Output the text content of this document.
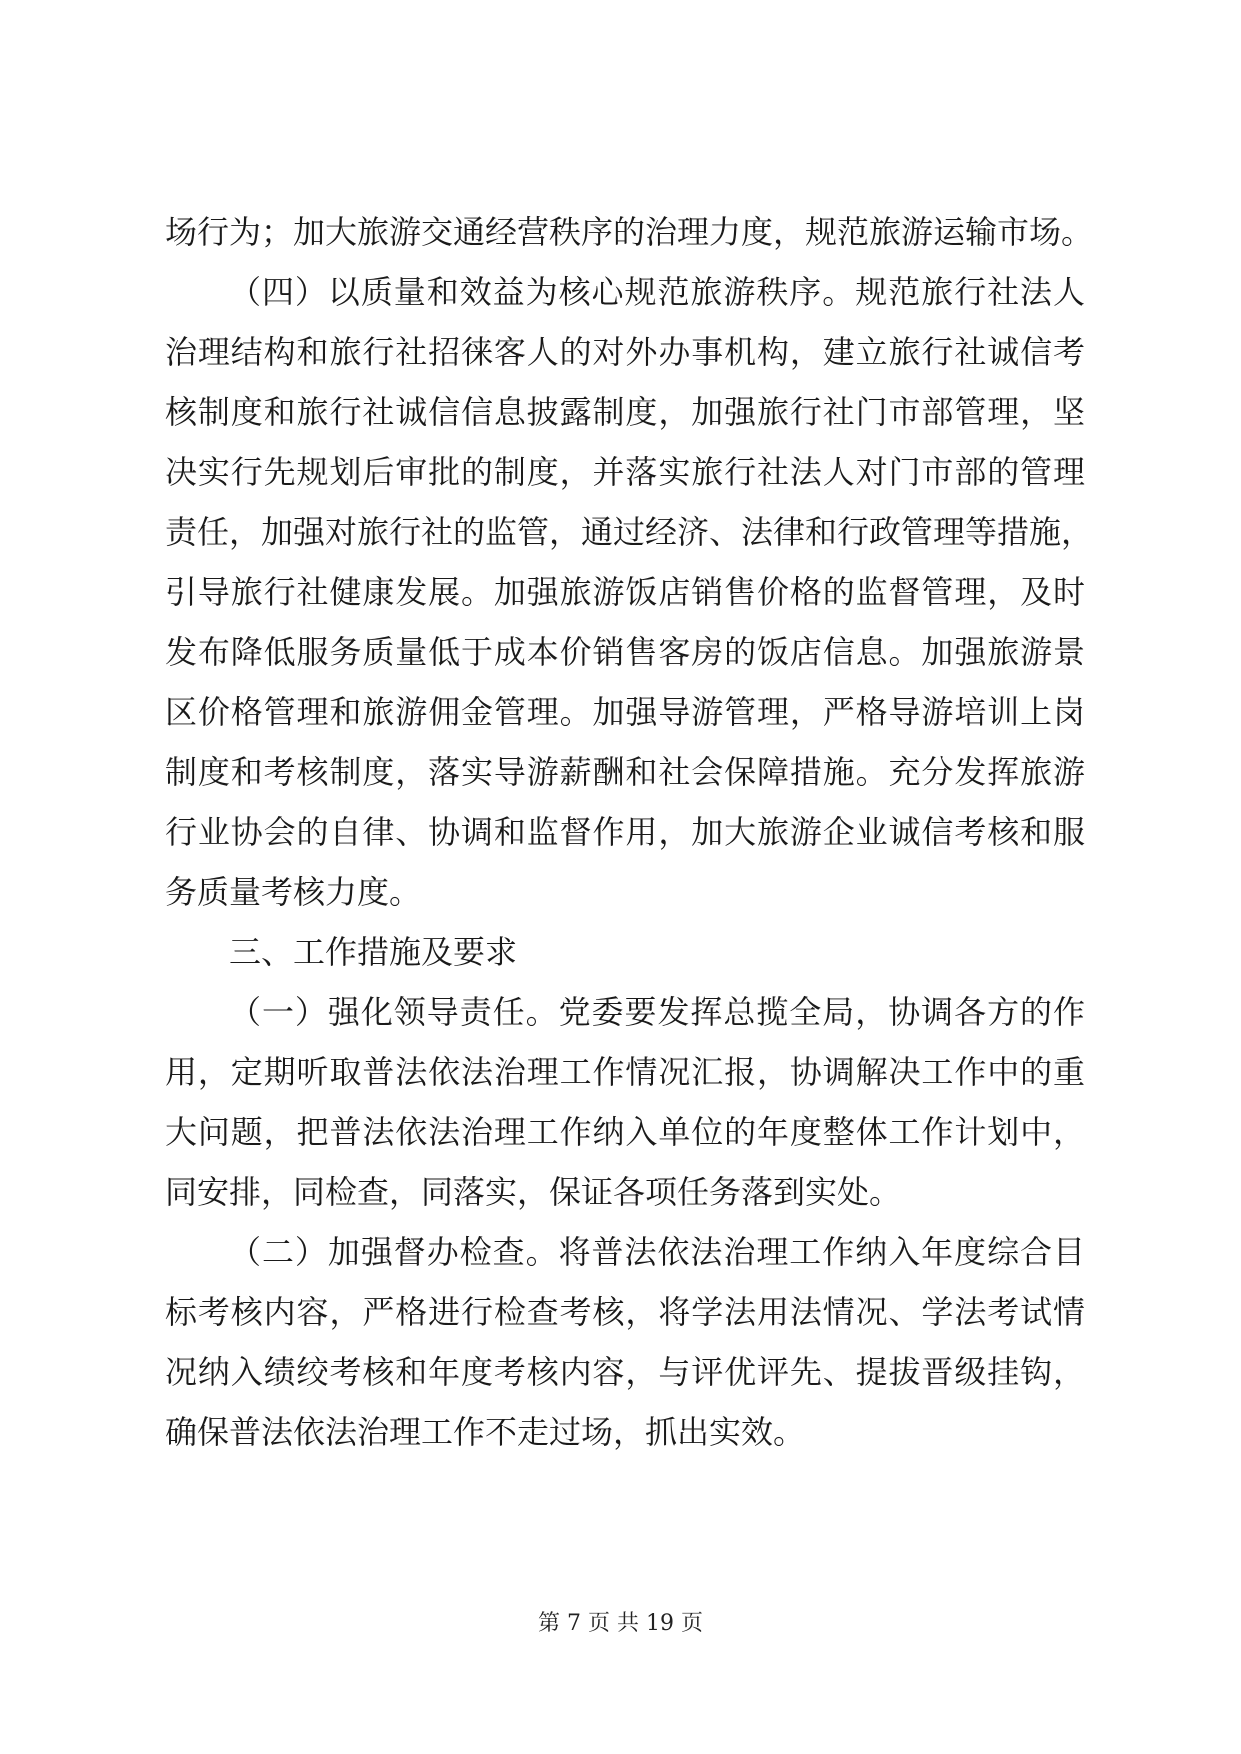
场行为；加大旅游交通经营秩序的治理力度，规范旅游运输市场。
（四）以质量和效益为核心规范旅游秩序。规范旅行社法人
治理结构和旅行社招徕客人的对外办事机构，建立旅行社诚信考
核制度和旅行社诚信信息披露制度，加强旅行社门市部管理，坚
决实行先规划后审批的制度，并落实旅行社法人对门市部的管理
责任，加强对旅行社的监管，通过经济、法律和行政管理等措施，
引导旅行社健康发展。加强旅游饭店销售价格的监督管理，及时
发布降低服务质量低于成本价销售客房的饭店信息。加强旅游景
区价格管理和旅游佣金管理。加强导游管理，严格导游培训上岗
制度和考核制度，落实导游薪酬和社会保障措施。充分发挥旅游
行业协会的自律、协调和监督作用，加大旅游企业诚信考核和服
务质量考核力度。
三、工作措施及要求
（一）强化领导责任。党委要发挥总揽全局，协调各方的作
用，定期听取普法依法治理工作情况汇报，协调解决工作中的重
大问题，把普法依法治理工作纳入单位的年度整体工作计划中，
同安排，同检查，同落实，保证各项任务落到实处。
（二）加强督办检查。将普法依法治理工作纳入年度综合目
标考核内容，严格进行检查考核，将学法用法情况、学法考试情
况纳入绩绞考核和年度考核内容，与评优评先、提拔晋级挂钩，
确保普法依法治理工作不走过场，抓出实效。
第 7 页 共 19 页
